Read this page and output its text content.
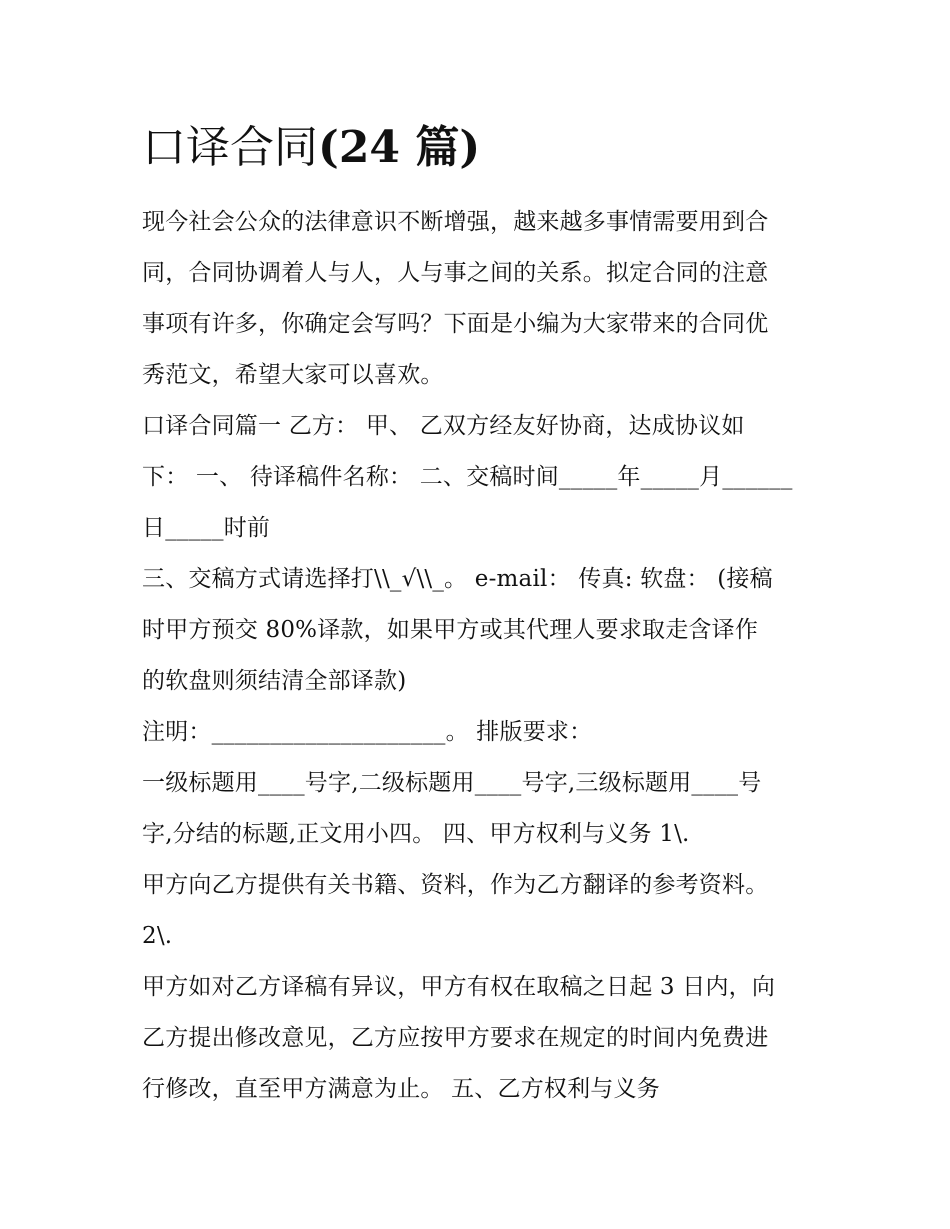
口译合同(24 篇)
现今社会公众的法律意识不断增强，越来越多事情需要用到合
同，合同协调着人与人，人与事之间的关系。拟定合同的注意
事项有许多，你确定会写吗？下面是小编为大家带来的合同优
秀范文，希望大家可以喜欢。
口译合同篇一 乙方： 甲、 乙双方经友好协商，达成协议如
下： 一、 待译稿件名称： 二、交稿时间_____年_____月______
日_____时前
三、交稿方式请选择打\\_√\\_。 e-mail： 传真: 软盘： (接稿
时甲方预交 80%译款，如果甲方或其代理人要求取走含译作
的软盘则须结清全部译款)
注明：____________________。 排版要求：
一级标题用____号字,二级标题用____号字,三级标题用____号
字,分结的标题,正文用小四。 四、甲方权利与义务 1\.
甲方向乙方提供有关书籍、资料，作为乙方翻译的参考资料。
2\.
甲方如对乙方译稿有异议，甲方有权在取稿之日起 3 日内，向
乙方提出修改意见，乙方应按甲方要求在规定的时间内免费进
行修改，直至甲方满意为止。 五、乙方权利与义务
